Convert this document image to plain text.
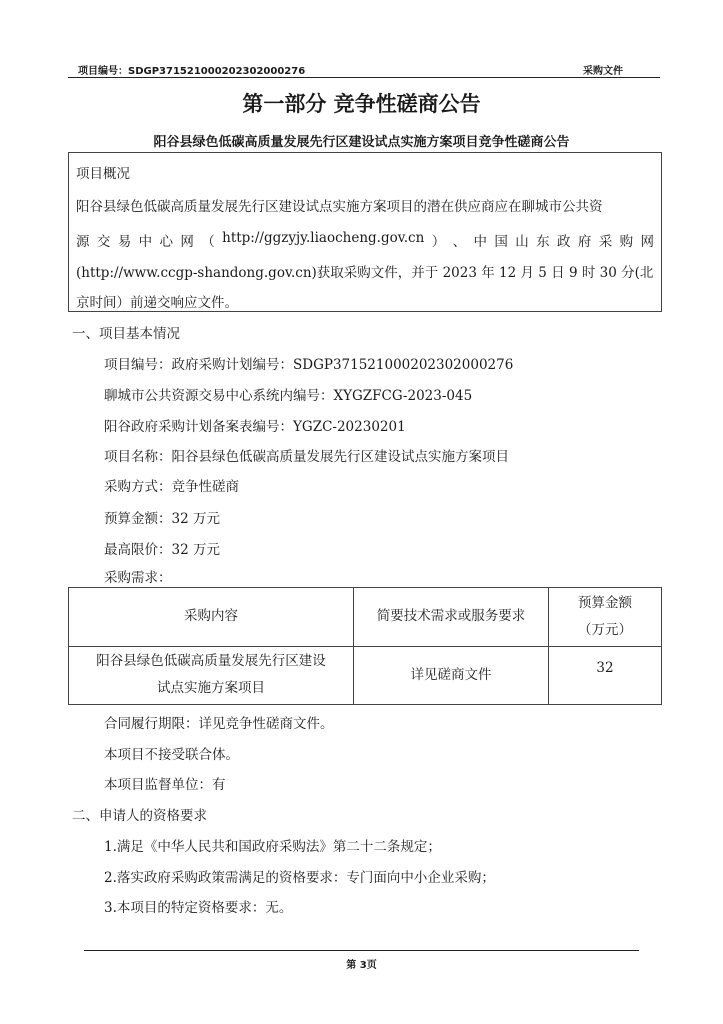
项目编号：SDGP371521000202302000276	采购文件
第一部分 竞争性磋商公告
阳谷县绿色低碳高质量发展先行区建设试点实施方案项目竞争性磋商公告
项目概况
阳谷县绿色低碳高质量发展先行区建设试点实施方案项目的潜在供应商应在聊城市公共资
源 交 易 中 心 网 （ http://ggzyjy.liaocheng.gov.cn ） 、 中 国 山 东 政 府 采 购 网
(http://www.ccgp-shandong.gov.cn)获取采购文件，并于 2023 年 12 月 5 日 9 时 30 分(北
京时间）前递交响应文件。
一、项目基本情况
项目编号：政府采购计划编号：SDGP371521000202302000276
聊城市公共资源交易中心系统内编号：XYGZFCG-2023-045
阳谷政府采购计划备案表编号：YGZC-20230201
项目名称：阳谷县绿色低碳高质量发展先行区建设试点实施方案项目
采购方式：竞争性磋商
预算金额：32 万元
最高限价：32 万元
采购需求：
采购内容	简要技术需求或服务要求	预算金额
（万元）

阳谷县绿色低碳高质量发展先行区建设
试点实施方案项目	详见磋商文件	32
合同履行期限：详见竞争性磋商文件。
本项目不接受联合体。
本项目监督单位：有
二、申请人的资格要求
1.满足《中华人民共和国政府采购法》第二十二条规定；
2.落实政府采购政策需满足的资格要求：专门面向中小企业采购；
3.本项目的特定资格要求：无。
第 3页
